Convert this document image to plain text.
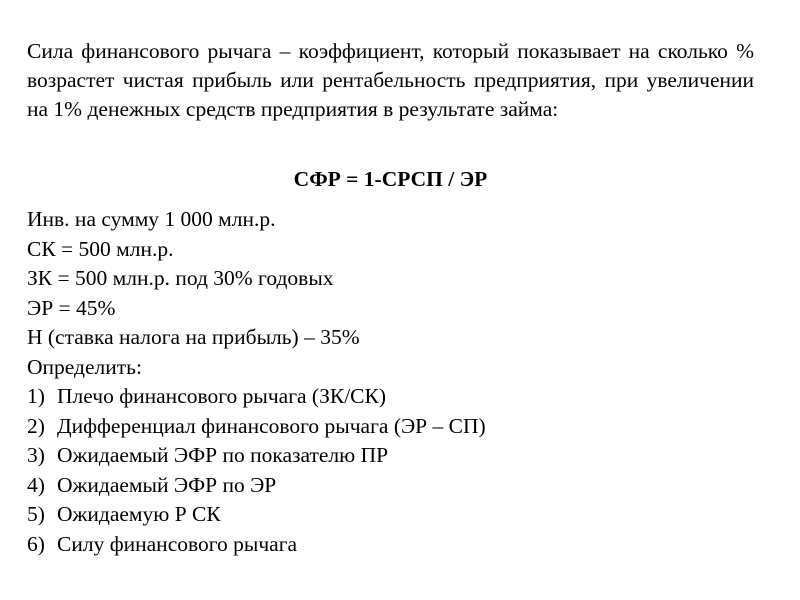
Сила финансового рычага – коэффициент, который показывает на сколько % возрастет чистая прибыль или рентабельность предприятия, при увеличении на 1% денежных средств предприятия в результате займа:

СФР = 1-СРСП / ЭР

Инв. на сумму 1 000 млн.р.
СК = 500 млн.р.
ЗК = 500 млн.р. под 30% годовых
ЭР = 45%
Н (ставка налога на прибыль) – 35%
Определить:
1) Плечо финансового рычага (ЗК/СК)
2) Дифференциал финансового рычага (ЭР – СП)
3) Ожидаемый ЭФР по показателю ПР
4) Ожидаемый ЭФР по ЭР
5) Ожидаемую Р СК
6) Силу финансового рычага
